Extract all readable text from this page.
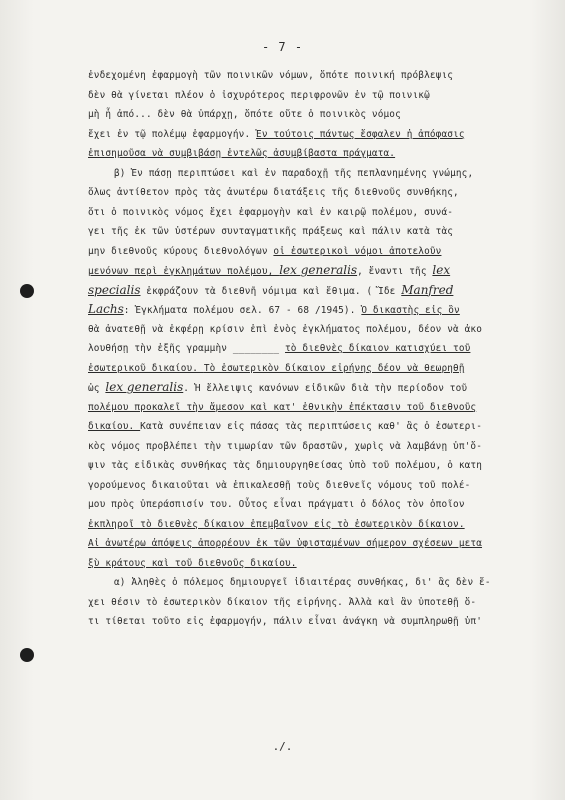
- 7 -
ἐνδεχομένη ἐφαρμογὴ τῶν ποινικῶν νόμων, ὅπότε ποινική πρόβλεψις
δὲν θὰ γίνεται πλέον ὁ ἰσχυρότερος περιφρονῶν ἐν τῷ ποινικῷ
μὴ ἦ ἀπό... δὲν θὰ ὑπάρχῃ, ὅπότε οὔτε ὁ ποινικὸς νόμος
ἔχει ἐν τῷ πολέμῳ ἐφαρμογήν. Ἐν τούτοις πάντως ἔσφαλεν ἡ ἀπόφασις
ἐπισημοῦσα νὰ συμβιβάσῃ ἐντελῶς ἀσυμβίβαστα πράγματα.
β) Ἐν πάσῃ περιπτώσει καὶ ἐν παραδοχῇ τῆς πεπλανημένης γνώμης,
ὅλως ἀντίθετον πρὸς τὰς ἀνωτέρω διατάξεις τῆς διεθνοῦς συνθήκης,
ὅτι ὁ ποινικὸς νόμος ἔχει ἐφαρμογὴν καὶ ἐν καιρῷ πολέμου, συνά-
γει τῆς ἐκ τῶν ὑστέρων συνταγματικῆς πράξεως καὶ πάλιν κατὰ τὰς
μην διεθνοῦς κύρους διεθνολόγων οἱ ἐσωτερικοὶ νόμοι ἀποτελοῦν
μενόνων περὶ ἐγκλημάτων πολέμου, lex generalis, ἔναντι τῆς lex
specialis ἐκφράζουν τὰ διεθνῆ νόμιμα καὶ ἔθιμα. ( Ἴδε Manfred
Lachs: Ἐγκλήματα πολέμου σελ. 67 - 68 /1945). Ὁ δικαστὴς εἰς ὃν
θὰ ἀνατεθῇ νὰ ἐκφέρῃ κρίσιν ἐπὶ ἑνὸς ἐγκλήματος πολέμου, δέον νὰ ἀκο
λουθήσῃ τὴν ἑξῆς γραμμὴν ________ τὸ διεθνὲς δίκαιον κατισχύει τοῦ
ἐσωτερικοῦ δικαίου. Τὸ ἐσωτερικὸν δίκαιον εἰρήνης δέον νὰ θεωρηθῇ
ὡς lex generalis. Ἡ ἔλλειψις κανόνων εἰδικῶν διὰ τὴν περίοδον τοῦ
πολέμου προκαλεῖ τὴν ἄμεσον καὶ κατ' ἐθνικὴν ἐπέκτασιν τοῦ διεθνοῦς
δικαίου. Κατὰ συνέπειαν εἰς πάσας τὰς περιπτώσεις καθ' ἃς ὁ ἐσωτερι-
κὸς νόμος προβλέπει τὴν τιμωρίαν τῶν δραστῶν, χωρὶς νὰ λαμβάνῃ ὑπ'ὄ-
ψιν τὰς εἰδικὰς συνθήκας τὰς δημιουργηθείσας ὑπὸ τοῦ πολέμου, ὁ κατη
γορούμενος δικαιοῦται νὰ ἐπικαλεσθῇ τοὺς διεθνεῖς νόμους τοῦ πολέ-
μου πρὸς ὑπεράσπισίν του. Οὗτος εἶναι πράγματι ὁ δόλος τὸν ὁποῖον
ἐκπληροῖ τὸ διεθνὲς δίκαιον ἐπεμβαῖνον εἰς τὸ ἐσωτερικὸν δίκαιον.
Αἱ ἀνωτέρω ἀπόψεις ἀπορρέουν ἐκ τῶν ὑφισταμένων σήμερον σχέσεων μετα
ξὺ κράτους καὶ τοῦ διεθνοῦς δικαίου.
α) Ἀληθὲς ὁ πόλεμος δημιουργεῖ ἰδιαιτέρας συνθήκας, δι' ἃς δὲν ἔ-
χει θέσιν τὸ ἐσωτερικὸν δίκαιον τῆς εἰρήνης. Ἀλλὰ καὶ ἂν ὑποτεθῇ ὅ-
τι τίθεται τοῦτο εἰς ἐφαρμογήν, πάλιν εἶναι ἀνάγκη νὰ συμπληρωθῇ ὑπ'
./.
